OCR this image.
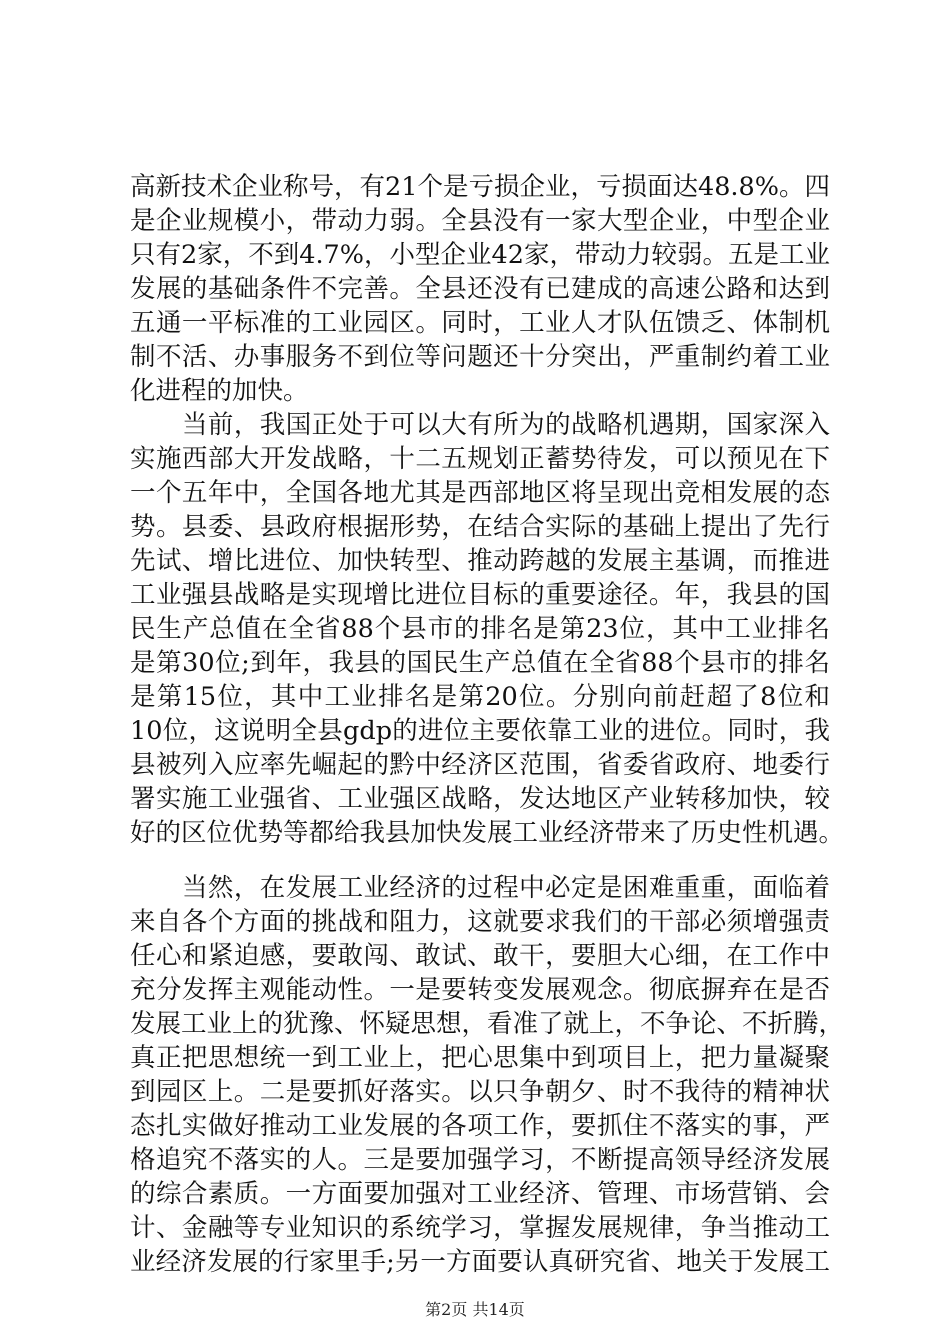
高新技术企业称号，有21个是亏损企业，亏损面达48.8%。四
是企业规模小，带动力弱。全县没有一家大型企业，中型企业
只有2家，不到4.7%，小型企业42家，带动力较弱。五是工业
发展的基础条件不完善。全县还没有已建成的高速公路和达到
五通一平标准的工业园区。同时，工业人才队伍馈乏、体制机
制不活、办事服务不到位等问题还十分突出，严重制约着工业
化进程的加快。
当前，我国正处于可以大有所为的战略机遇期，国家深入
实施西部大开发战略，十二五规划正蓄势待发，可以预见在下
一个五年中，全国各地尤其是西部地区将呈现出竞相发展的态
势。县委、县政府根据形势，在结合实际的基础上提出了先行
先试、增比进位、加快转型、推动跨越的发展主基调，而推进
工业强县战略是实现增比进位目标的重要途径。年，我县的国
民生产总值在全省88个县市的排名是第23位，其中工业排名
是第30位;到年，我县的国民生产总值在全省88个县市的排名
是第15位，其中工业排名是第20位。分别向前赶超了8位和
10位，这说明全县gdp的进位主要依靠工业的进位。同时，我
县被列入应率先崛起的黔中经济区范围，省委省政府、地委行
署实施工业强省、工业强区战略，发达地区产业转移加快，较
好的区位优势等都给我县加快发展工业经济带来了历史性机遇。
当然，在发展工业经济的过程中必定是困难重重，面临着
来自各个方面的挑战和阻力，这就要求我们的干部必须增强责
任心和紧迫感，要敢闯、敢试、敢干，要胆大心细，在工作中
充分发挥主观能动性。一是要转变发展观念。彻底摒弃在是否
发展工业上的犹豫、怀疑思想，看准了就上，不争论、不折腾，
真正把思想统一到工业上，把心思集中到项目上，把力量凝聚
到园区上。二是要抓好落实。以只争朝夕、时不我待的精神状
态扎实做好推动工业发展的各项工作，要抓住不落实的事，严
格追究不落实的人。三是要加强学习，不断提高领导经济发展
的综合素质。一方面要加强对工业经济、管理、市场营销、会
计、金融等专业知识的系统学习，掌握发展规律，争当推动工
业经济发展的行家里手;另一方面要认真研究省、地关于发展工
第2页 共14页
